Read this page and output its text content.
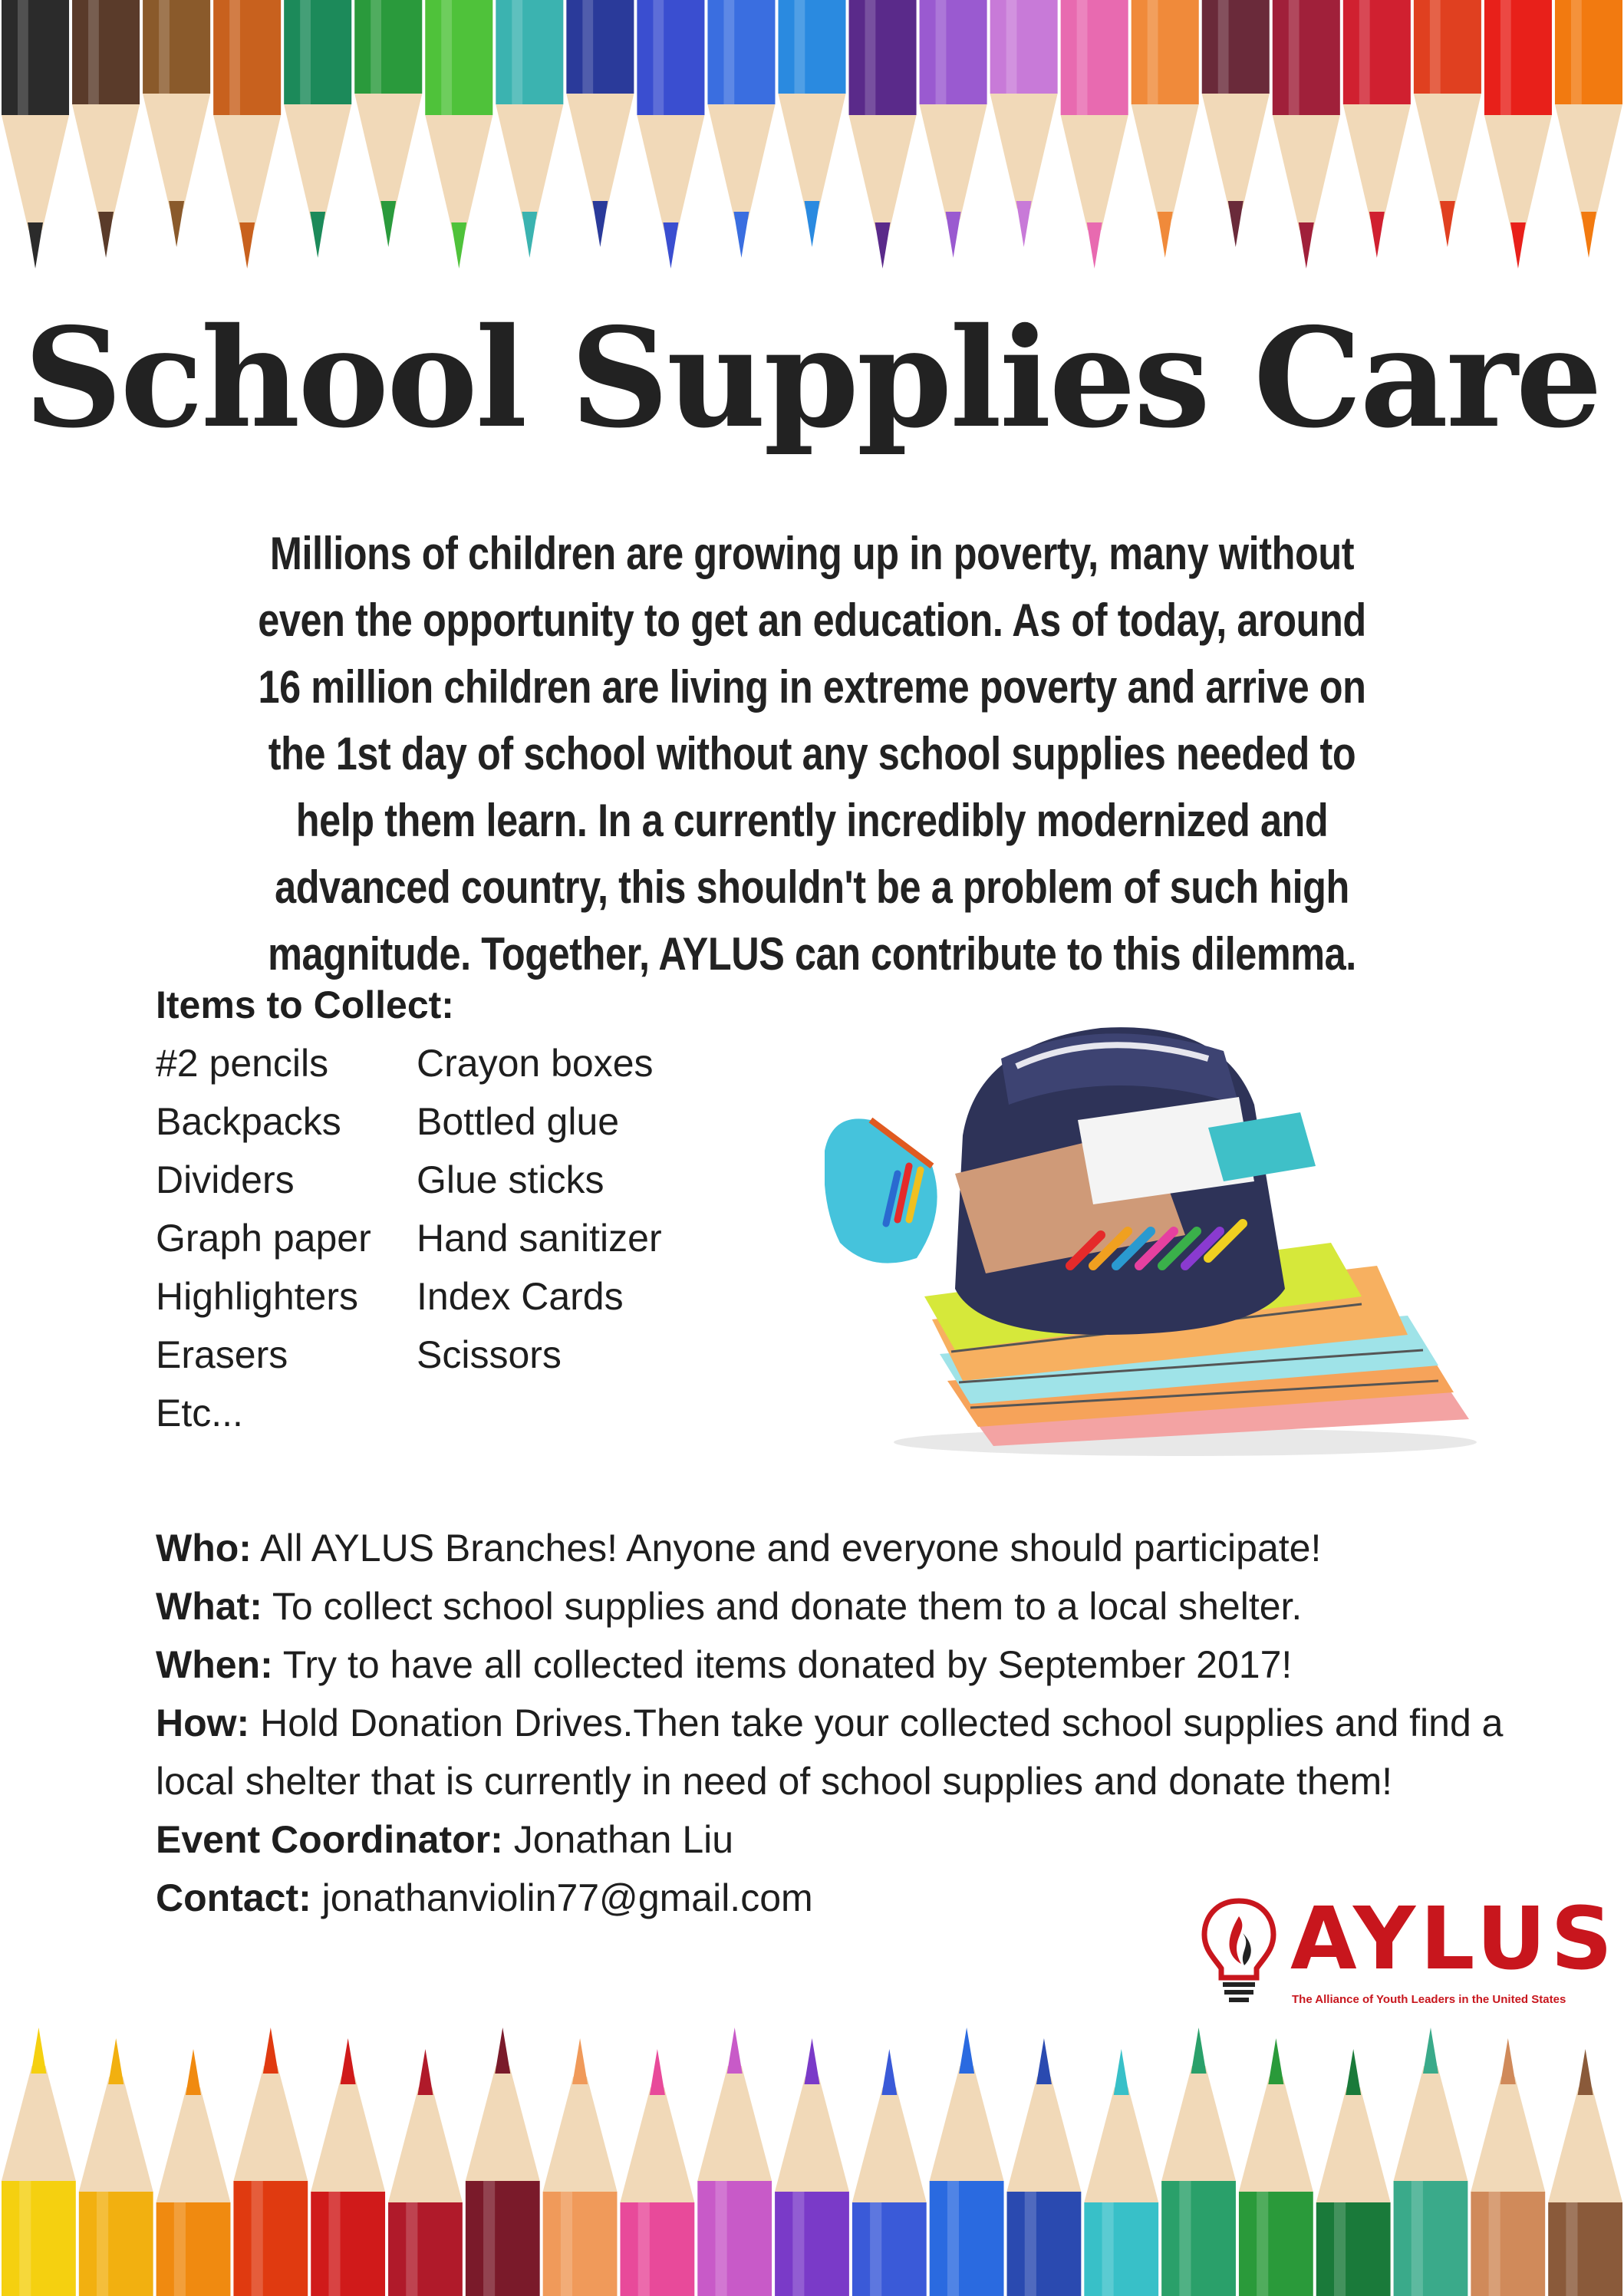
School Supplies Care

Millions of children are growing up in poverty, many without even the opportunity to get an education. As of today, around 16 million children are living in extreme poverty and arrive on the 1st day of school without any school supplies needed to help them learn. In a currently incredibly modernized and advanced country, this shouldn't be a problem of such high magnitude. Together, AYLUS can contribute to this dilemma.

Items to Collect:
#2 pencils	Crayon boxes
Backpacks	Bottled glue
Dividers	Glue sticks
Graph paper	Hand sanitizer
Highlighters	Index Cards
Erasers	Scissors
Etc...
Who: All AYLUS Branches! Anyone and everyone should participate!
What: To collect school supplies and donate them to a local shelter.
When: Try to have all collected items donated by September 2017!
How: Hold Donation Drives.Then take your collected school supplies and find a local shelter that is currently in need of school supplies and donate them!
Event Coordinator: Jonathan Liu
Contact: jonathanviolin77@gmail.com	AYLUS
The Alliance of Youth Leaders in the United States
